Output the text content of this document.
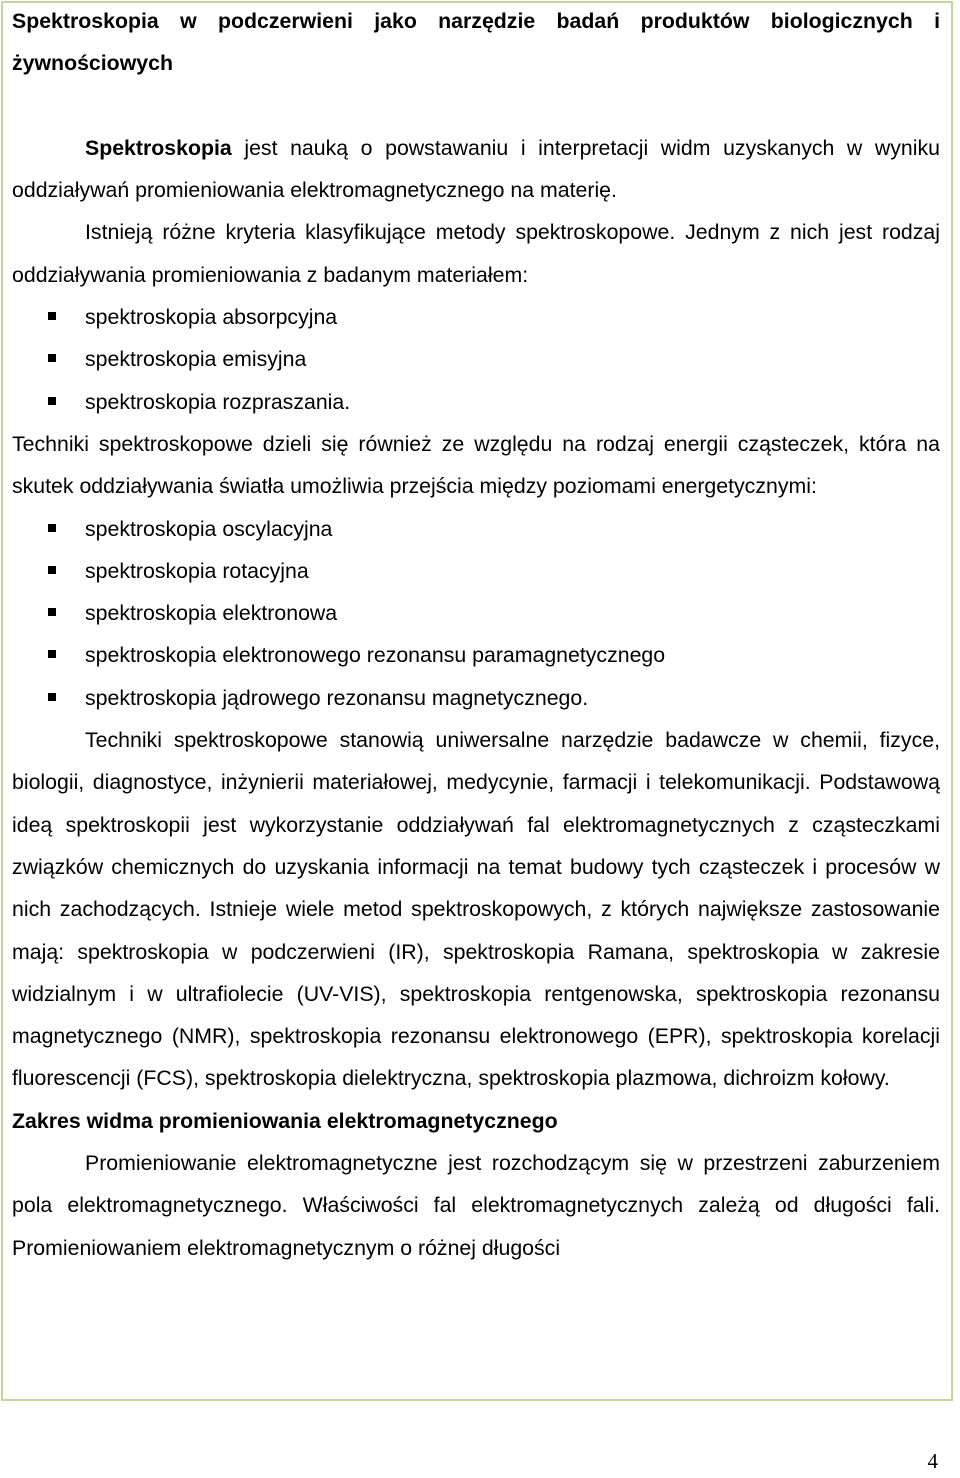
Spektroskopia w podczerwieni jako narzędzie badań produktów biologicznych i żywnościowych

Spektroskopia jest nauką o powstawaniu i interpretacji widm uzyskanych w wyniku oddziaływań promieniowania elektromagnetycznego na materię.

Istnieją różne kryteria klasyfikujące metody spektroskopowe. Jednym z nich jest rodzaj oddziaływania promieniowania z badanym materiałem:

spektroskopia absorpcyjna
spektroskopia emisyjna
spektroskopia rozpraszania.

Techniki spektroskopowe dzieli się również ze względu na rodzaj energii cząsteczek, która na skutek oddziaływania światła umożliwia przejścia między poziomami energetycznymi:

spektroskopia oscylacyjna
spektroskopia rotacyjna
spektroskopia elektronowa
spektroskopia elektronowego rezonansu paramagnetycznego
spektroskopia jądrowego rezonansu magnetycznego.

Techniki spektroskopowe stanowią uniwersalne narzędzie badawcze w chemii, fizyce, biologii, diagnostyce, inżynierii materiałowej, medycynie, farmacji i telekomunikacji. Podstawową ideą spektroskopii jest wykorzystanie oddziaływań fal elektromagnetycznych z cząsteczkami związków chemicznych do uzyskania informacji na temat budowy tych cząsteczek i procesów w nich zachodzących. Istnieje wiele metod spektroskopowych, z których największe zastosowanie mają: spektroskopia w podczerwieni (IR), spektroskopia Ramana, spektroskopia w zakresie widzialnym i w ultrafiolecie (UV-VIS), spektroskopia rentgenowska, spektroskopia rezonansu magnetycznego (NMR), spektroskopia rezonansu elektronowego (EPR), spektroskopia korelacji fluorescencji (FCS), spektroskopia dielektryczna, spektroskopia plazmowa, dichroizm kołowy.

Zakres widma promieniowania elektromagnetycznego

Promieniowanie elektromagnetyczne jest rozchodzącym się w przestrzeni zaburzeniem pola elektromagnetycznego. Właściwości fal elektromagnetycznych zależą od długości fali. Promieniowaniem elektromagnetycznym o różnej długości

4
